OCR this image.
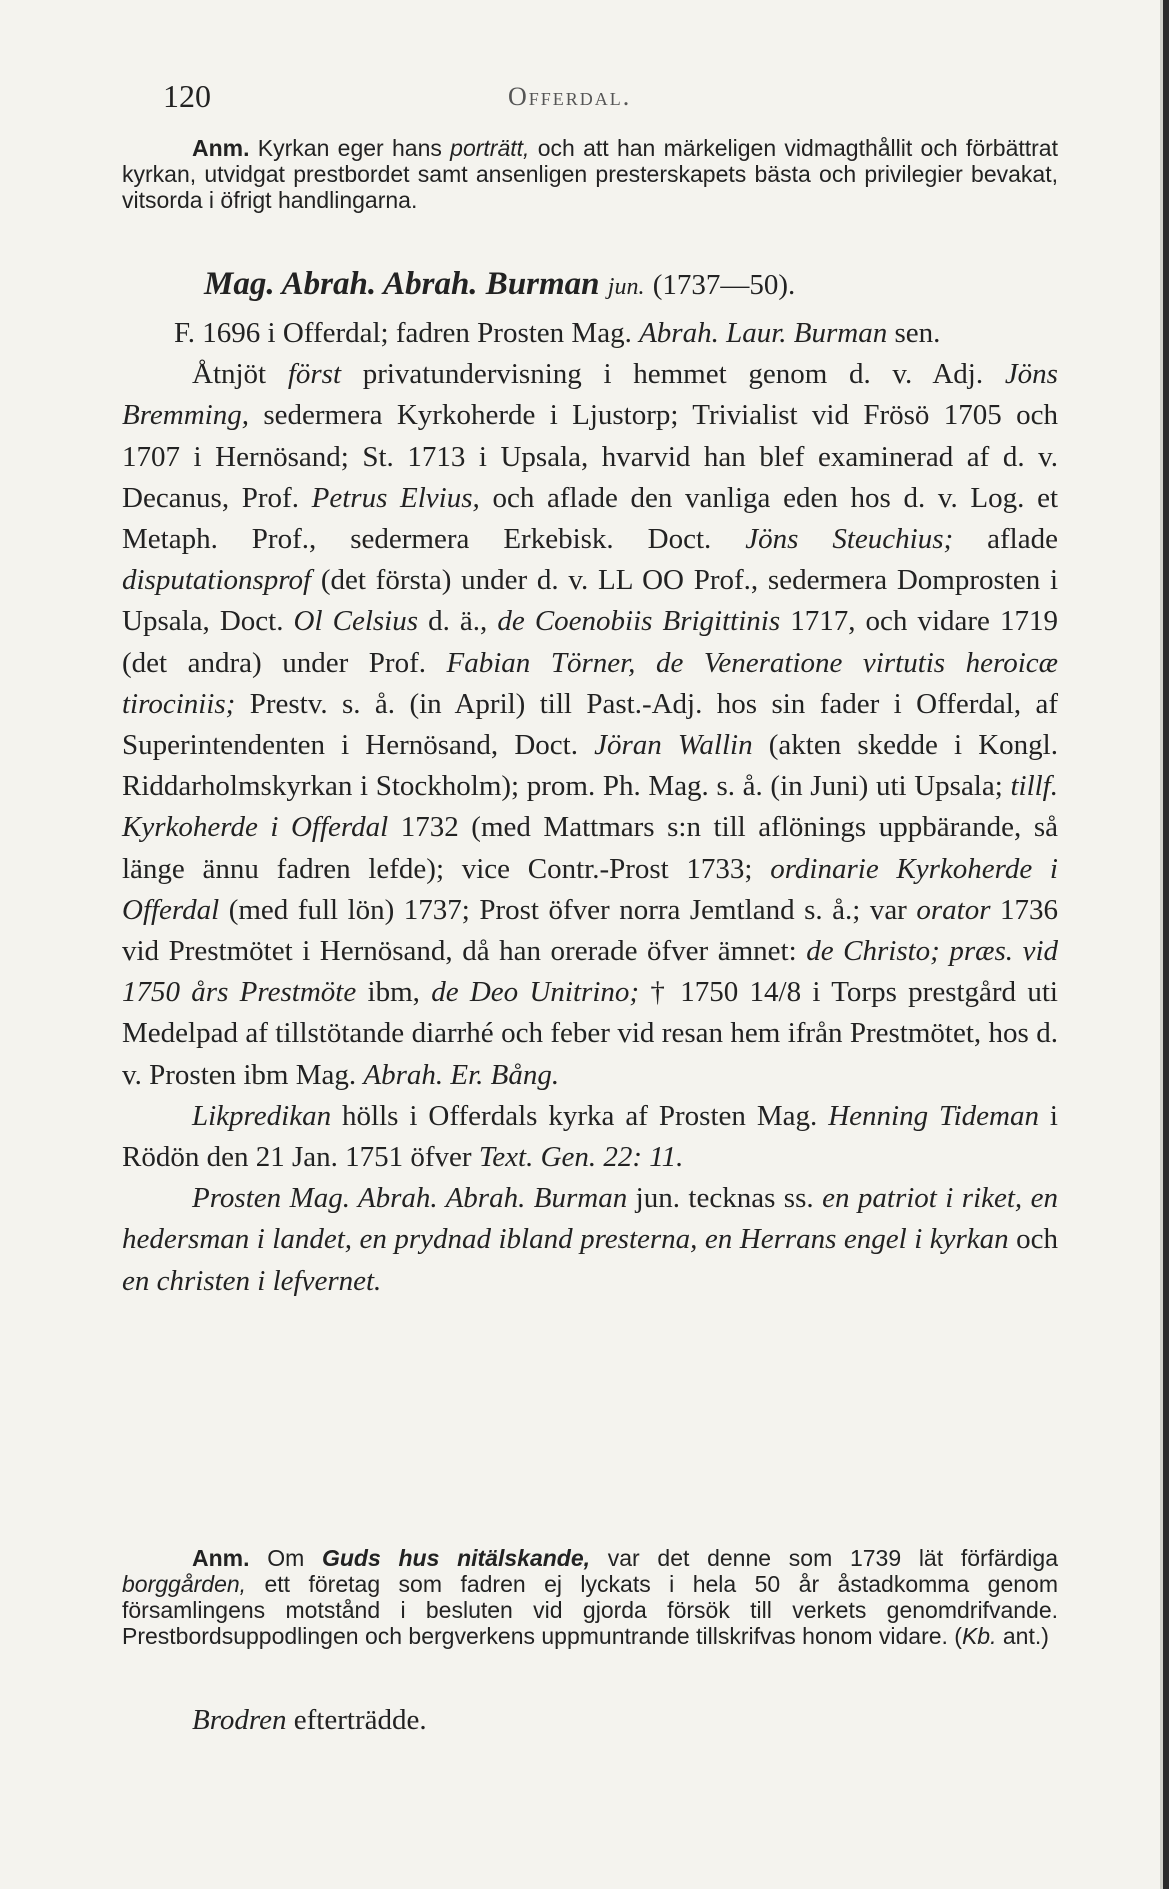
120	Offerdal.

Anm. Kyrkan eger hans porträtt, och att han märkeligen vidmagthållit och förbättrat kyrkan, utvidgat prestbordet samt ansenligen presterskapets bästa och privilegier bevakat, vitsorda i öfrigt handlingarna.

Mag. Abrah. Abrah. Burman jun. (1737—50).

F. 1696 i Offerdal; fadren Prosten Mag. Abrah. Laur. Burman sen.

Åtnjöt först privatundervisning i hemmet genom d. v. Adj. Jöns Bremming, sedermera Kyrkoherde i Ljustorp; Trivialist vid Frösö 1705 och 1707 i Hernösand; St. 1713 i Upsala, hvarvid han blef examinerad af d. v. Decanus, Prof. Petrus Elvius, och aflade den vanliga eden hos d. v. Log. et Metaph. Prof., sedermera Erkebisk. Doct. Jöns Steuchius; aflade disputationsprof (det första) under d. v. LL OO Prof., sedermera Domprosten i Upsala, Doct. Ol Celsius d. ä., de Coenobiis Brigittinis 1717, och vidare 1719 (det andra) under Prof. Fabian Törner, de Veneratione virtutis heroicæ tirociniis; Prestv. s. å. (in April) till Past.-Adj. hos sin fader i Offerdal, af Superintendenten i Hernösand, Doct. Jöran Wallin (akten skedde i Kongl. Riddarholmskyrkan i Stockholm); prom. Ph. Mag. s. å. (in Juni) uti Upsala; tillf. Kyrkoherde i Offerdal 1732 (med Mattmars s:n till aflönings uppbärande, så länge ännu fadren lefde); vice Contr.-Prost 1733; ordinarie Kyrkoherde i Offerdal (med full lön) 1737; Prost öfver norra Jemtland s. å.; var orator 1736 vid Prestmötet i Hernösand, då han orerade öfver ämnet: de Christo; præs. vid 1750 års Prestmöte ibm, de Deo Unitrino; † 1750 14/8 i Torps prestgård uti Medelpad af tillstötande diarrhé och feber vid resan hem ifrån Prestmötet, hos d. v. Prosten ibm Mag. Abrah. Er. Bång.

Likpredikan hölls i Offerdals kyrka af Prosten Mag. Henning Tideman i Rödön den 21 Jan. 1751 öfver Text. Gen. 22: 11.

Prosten Mag. Abrah. Abrah. Burman jun. tecknas ss. en patriot i riket, en hedersman i landet, en prydnad ibland presterna, en Herrans engel i kyrkan och en christen i lefvernet.

Anm. Om Guds hus nitälskande, var det denne som 1739 lät förfärdiga borggården, ett företag som fadren ej lyckats i hela 50 år åstadkomma genom församlingens motstånd i besluten vid gjorda försök till verkets genomdrifvande. Prestbordsuppodlingen och bergverkens uppmuntrande tillskrifvas honom vidare. (Kb. ant.)

Brodren efterträdde.
